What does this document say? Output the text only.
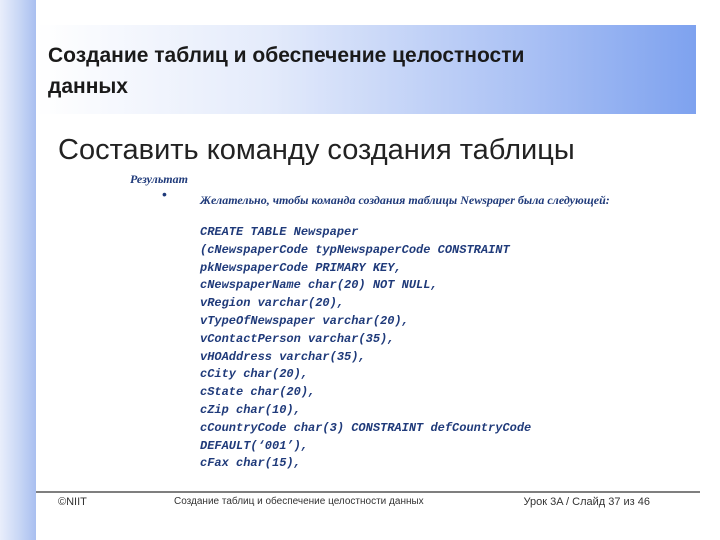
Создание таблиц и обеспечение целостности данных
Составить команду создания таблицы
Результат
•	Желательно, чтобы команда создания таблицы Newspaper была следующей:
CREATE TABLE Newspaper
(cNewspaperCode typNewspaperCode CONSTRAINT
pkNewspaperCode PRIMARY KEY,
cNewspaperName char(20) NOT NULL,
vRegion varchar(20),
vTypeOfNewspaper varchar(20),
vContactPerson varchar(35),
vHOAddress varchar(35),
cCity char(20),
cState char(20),
cZip char(10),
cCountryCode char(3) CONSTRAINT defCountryCode
DEFAULT(‘001’),
cFax char(15),
©NIIT	Создание таблиц и обеспечение целостности данных	Урок 3A / Слайд 37 из 46
